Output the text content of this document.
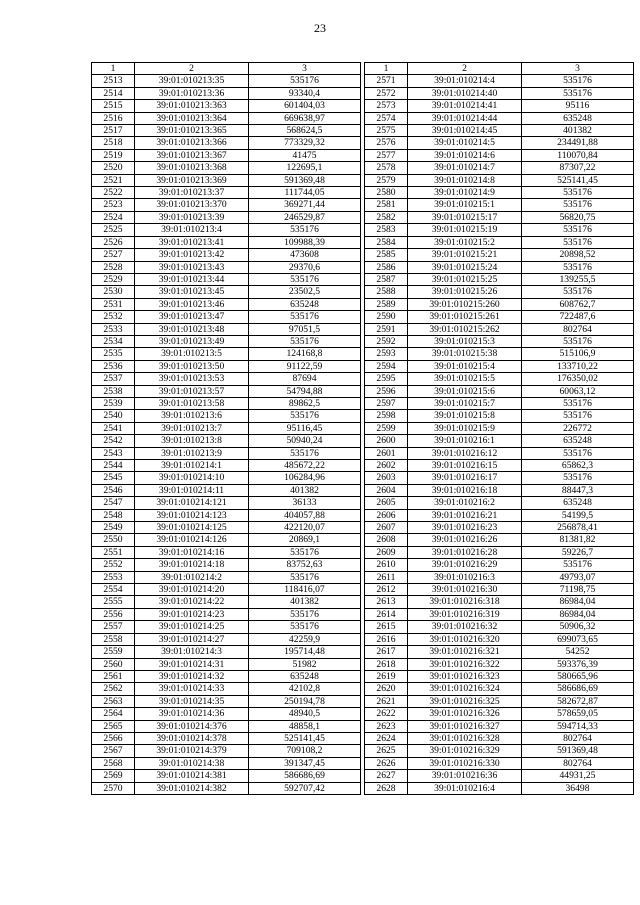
23
1	2	3
2513	39:01:010213:35	535176
2514	39:01:010213:36	93340,4
2515	39:01:010213:363	601404,03
2516	39:01:010213:364	669638,97
2517	39:01:010213:365	568624,5
2518	39:01:010213:366	773329,32
2519	39:01:010213:367	41475
2520	39:01:010213:368	122695,1
2521	39:01:010213:369	591369,48
2522	39:01:010213:37	111744,05
2523	39:01:010213:370	369271,44
2524	39:01:010213:39	246529,87
2525	39:01:010213:4	535176
2526	39:01:010213:41	109988,39
2527	39:01:010213:42	473608
2528	39:01:010213:43	29370,6
2529	39:01:010213:44	535176
2530	39:01:010213:45	23502,5
2531	39:01:010213:46	635248
2532	39:01:010213:47	535176
2533	39:01:010213:48	97051,5
2534	39:01:010213:49	535176
2535	39:01:010213:5	124168,8
2536	39:01:010213:50	91122,59
2537	39:01:010213:53	87694
2538	39:01:010213:57	54794,88
2539	39:01:010213:58	89862,5
2540	39:01:010213:6	535176
2541	39:01:010213:7	95116,45
2542	39:01:010213:8	50940,24
2543	39:01:010213:9	535176
2544	39:01:010214:1	485672,22
2545	39:01:010214:10	106284,96
2546	39:01:010214:11	401382
2547	39:01:010214:121	36133
2548	39:01:010214:123	404057,88
2549	39:01:010214:125	422120,07
2550	39:01:010214:126	20869,1
2551	39:01:010214:16	535176
2552	39:01:010214:18	83752,63
2553	39:01:010214:2	535176
2554	39:01:010214:20	118416,07
2555	39:01:010214:22	401382
2556	39:01:010214:23	535176
2557	39:01:010214:25	535176
2558	39:01:010214:27	42259,9
2559	39:01:010214:3	195714,48
2560	39:01:010214:31	51982
2561	39:01:010214:32	635248
2562	39:01:010214:33	42102,8
2563	39:01:010214:35	250194,78
2564	39:01:010214:36	48940,5
2565	39:01:010214:376	48858,1
2566	39:01:010214:378	525141,45
2567	39:01:010214:379	709108,2
2568	39:01:010214:38	391347,45
2569	39:01:010214:381	586686,69
2570	39:01:010214:382	592707,42
1	2	3
2571	39:01:010214:4	535176
2572	39:01:010214:40	535176
2573	39:01:010214:41	95116
2574	39:01:010214:44	635248
2575	39:01:010214:45	401382
2576	39:01:010214:5	234491,88
2577	39:01:010214:6	110070,84
2578	39:01:010214:7	87307,22
2579	39:01:010214:8	525141,45
2580	39:01:010214:9	535176
2581	39:01:010215:1	535176
2582	39:01:010215:17	56820,75
2583	39:01:010215:19	535176
2584	39:01:010215:2	535176
2585	39:01:010215:21	20898,52
2586	39:01:010215:24	535176
2587	39:01:010215:25	139255,5
2588	39:01:010215:26	535176
2589	39:01:010215:260	608762,7
2590	39:01:010215:261	722487,6
2591	39:01:010215:262	802764
2592	39:01:010215:3	535176
2593	39:01:010215:38	515106,9
2594	39:01:010215:4	133710,22
2595	39:01:010215:5	176350,02
2596	39:01:010215:6	60063,12
2597	39:01:010215:7	535176
2598	39:01:010215:8	535176
2599	39:01:010215:9	226772
2600	39:01:010216:1	635248
2601	39:01:010216:12	535176
2602	39:01:010216:15	65862,3
2603	39:01:010216:17	535176
2604	39:01:010216:18	88447,3
2605	39:01:010216:2	635248
2606	39:01:010216:21	54199,5
2607	39:01:010216:23	256878,41
2608	39:01:010216:26	81381,82
2609	39:01:010216:28	59226,7
2610	39:01:010216:29	535176
2611	39:01:010216:3	49793,07
2612	39:01:010216:30	71198,75
2613	39:01:010216:318	86984,04
2614	39:01:010216:319	86984,04
2615	39:01:010216:32	50906,32
2616	39:01:010216:320	699073,65
2617	39:01:010216:321	54252
2618	39:01:010216:322	593376,39
2619	39:01:010216:323	580665,96
2620	39:01:010216:324	586686,69
2621	39:01:010216:325	582672,87
2622	39:01:010216:326	578659,05
2623	39:01:010216:327	594714,33
2624	39:01:010216:328	802764
2625	39:01:010216:329	591369,48
2626	39:01:010216:330	802764
2627	39:01:010216:36	44931,25
2628	39:01:010216:4	36498
